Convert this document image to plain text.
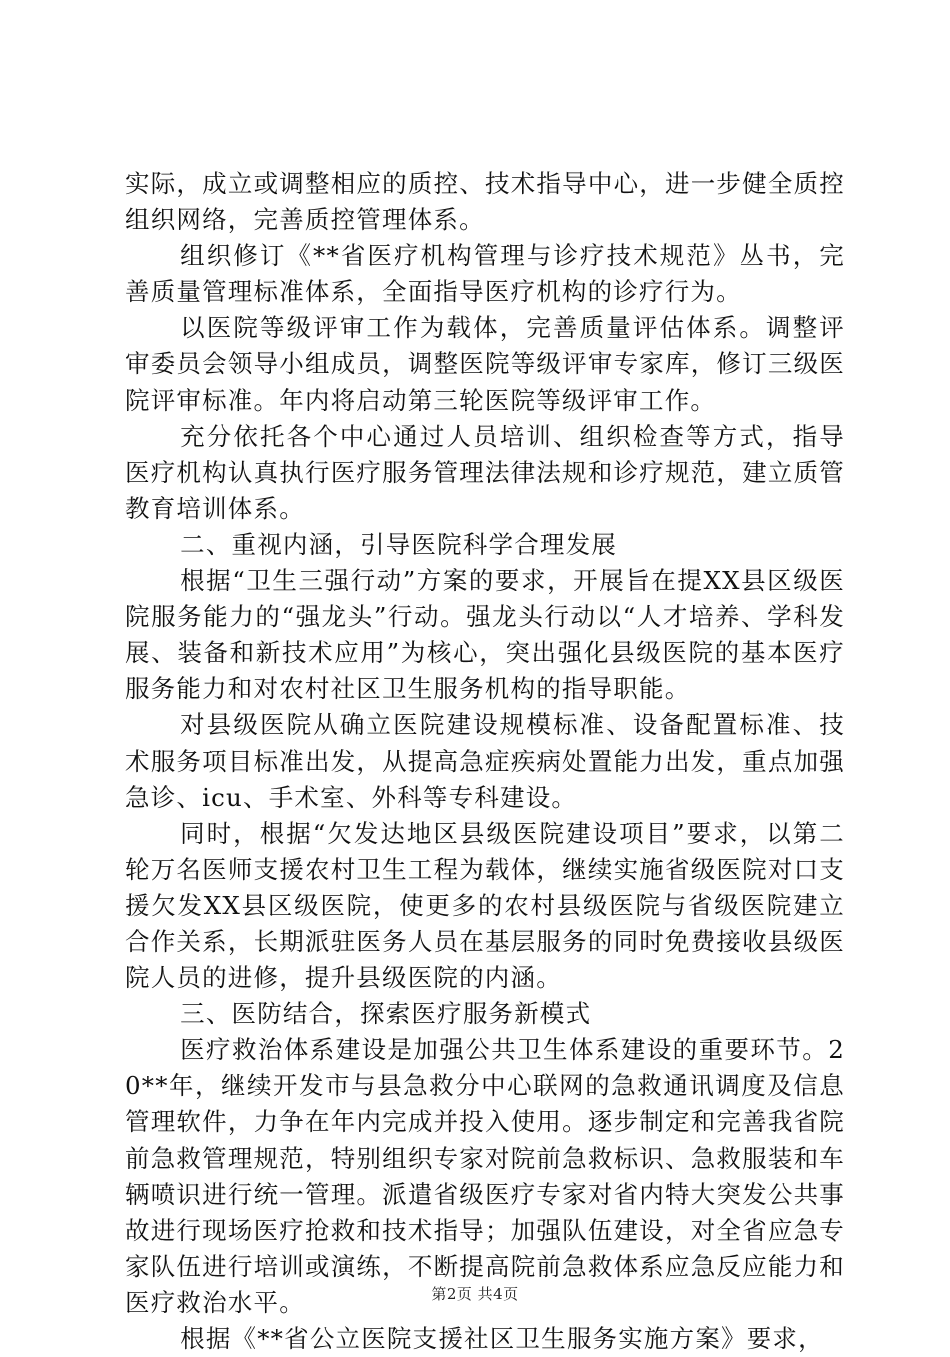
实际，成立或调整相应的质控、技术指导中心，进一步健全质控组织网络，完善质控管理体系。

组织修订《**省医疗机构管理与诊疗技术规范》丛书，完善质量管理标准体系，全面指导医疗机构的诊疗行为。

以医院等级评审工作为载体，完善质量评估体系。调整评审委员会领导小组成员，调整医院等级评审专家库，修订三级医院评审标准。年内将启动第三轮医院等级评审工作。

充分依托各个中心通过人员培训、组织检查等方式，指导医疗机构认真执行医疗服务管理法律法规和诊疗规范，建立质管教育培训体系。

二、重视内涵，引导医院科学合理发展

根据“卫生三强行动”方案的要求，开展旨在提XX县区级医院服务能力的“强龙头”行动。强龙头行动以“人才培养、学科发展、装备和新技术应用”为核心，突出强化县级医院的基本医疗服务能力和对农村社区卫生服务机构的指导职能。

对县级医院从确立医院建设规模标准、设备配置标准、技术服务项目标准出发，从提高急症疾病处置能力出发，重点加强急诊、icu、手术室、外科等专科建设。

同时，根据“欠发达地区县级医院建设项目”要求，以第二轮万名医师支援农村卫生工程为载体，继续实施省级医院对口支援欠发XX县区级医院，使更多的农村县级医院与省级医院建立合作关系，长期派驻医务人员在基层服务的同时免费接收县级医院人员的进修，提升县级医院的内涵。

三、医防结合，探索医疗服务新模式

医疗救治体系建设是加强公共卫生体系建设的重要环节。20**年，继续开发市与县急救分中心联网的急救通讯调度及信息管理软件，力争在年内完成并投入使用。逐步制定和完善我省院前急救管理规范，特别组织专家对院前急救标识、急救服装和车辆喷识进行统一管理。派遣省级医疗专家对省内特大突发公共事故进行现场医疗抢救和技术指导；加强队伍建设，对全省应急专家队伍进行培训或演练，不断提高院前急救体系应急反应能力和医疗救治水平。

根据《**省公立医院支援社区卫生服务实施方案》要求，

第2页 共4页
